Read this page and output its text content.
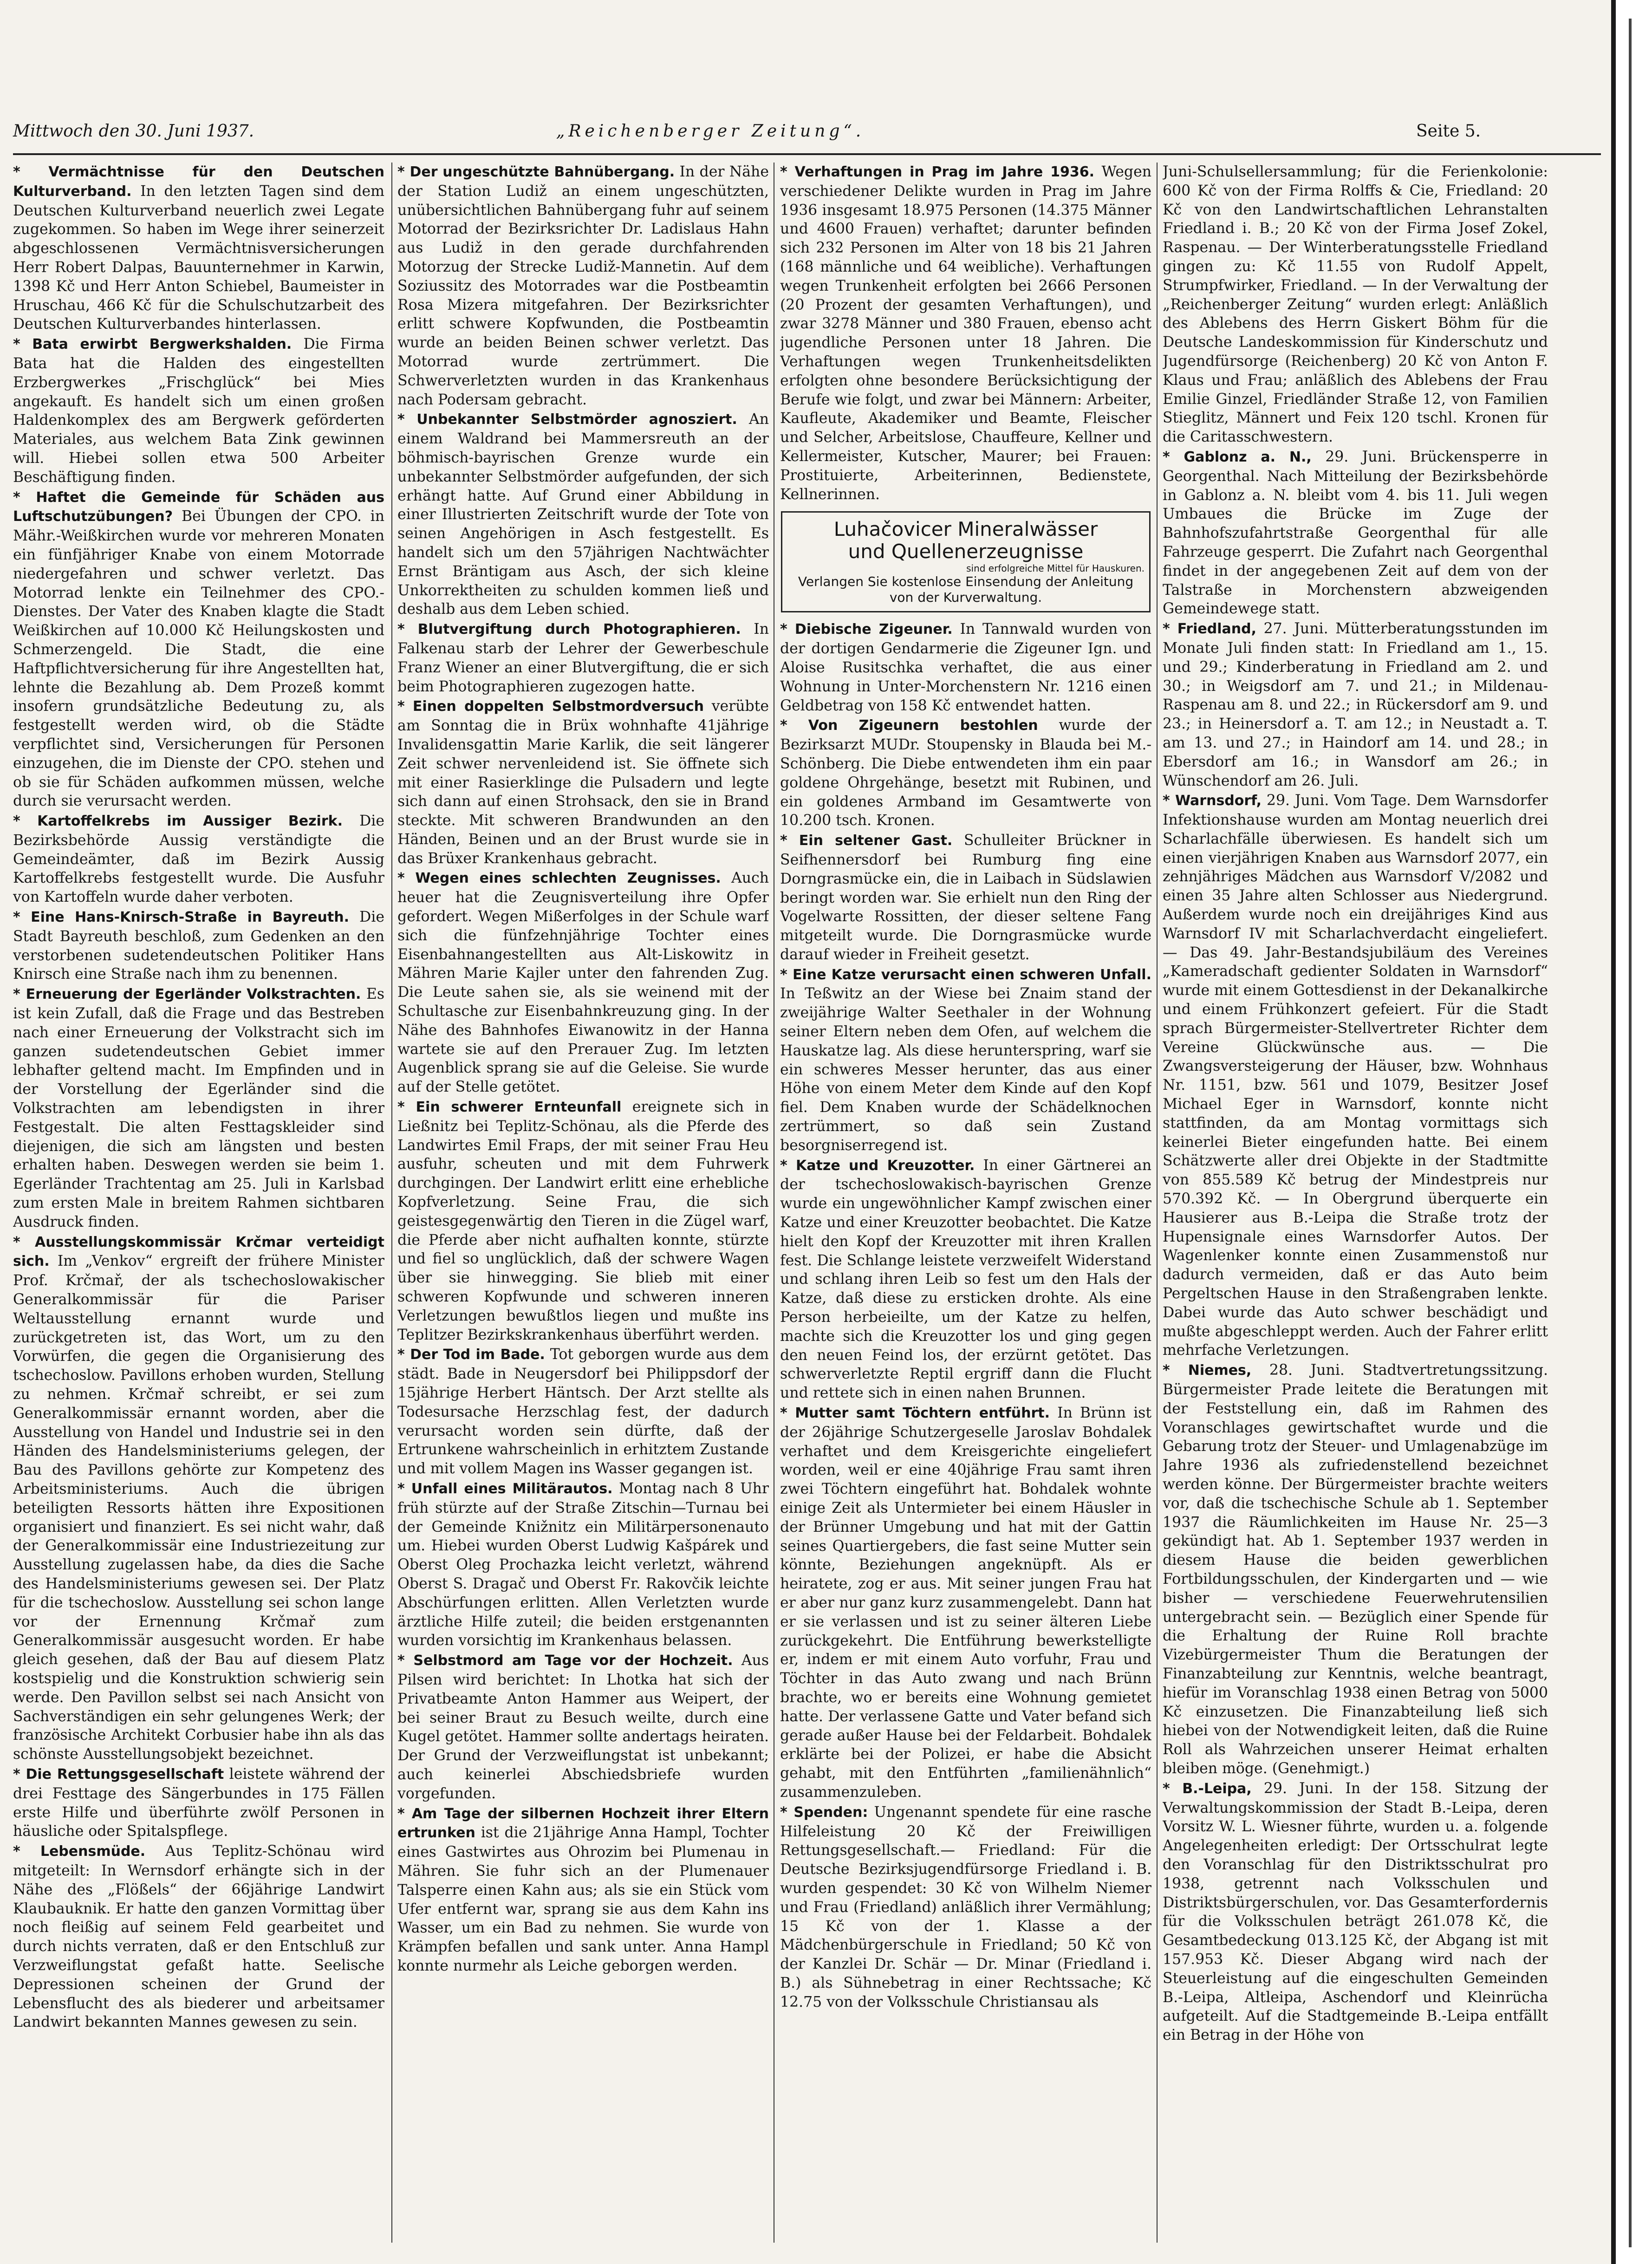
Mittwoch den 30. Juni 1937.	„Reichenberger Zeitung“.	Seite 5.

* Vermächtnisse für den Deutschen Kulturverband. In den letzten Tagen sind dem Deutschen Kulturverband neuerlich zwei Legate zugekommen. So haben im Wege ihrer seinerzeit abgeschlossenen Vermächtnisversicherungen Herr Robert Dalpas, Bauunternehmer in Karwin, 1398 Kč und Herr Anton Schiebel, Baumeister in Hruschau, 466 Kč für die Schulschutzarbeit des Deutschen Kulturverbandes hinterlassen.

* Bata erwirbt Bergwerkshalden. Die Firma Bata hat die Halden des eingestellten Erzbergwerkes „Frischglück“ bei Mies angekauft. Es handelt sich um einen großen Haldenkomplex des am Bergwerk geförderten Materiales, aus welchem Bata Zink gewinnen will. Hiebei sollen etwa 500 Arbeiter Beschäftigung finden.

* Haftet die Gemeinde für Schäden aus Luftschutzübungen? Bei Übungen der CPO. in Mähr.-Weißkirchen wurde vor mehreren Monaten ein fünfjähriger Knabe von einem Motorrade niedergefahren und schwer verletzt. Das Motorrad lenkte ein Teilnehmer des CPO.-Dienstes. Der Vater des Knaben klagte die Stadt Weißkirchen auf 10.000 Kč Heilungskosten und Schmerzengeld. Die Stadt, die eine Haftpflichtversicherung für ihre Angestellten hat, lehnte die Bezahlung ab. Dem Prozeß kommt insofern grundsätzliche Bedeutung zu, als festgestellt werden wird, ob die Städte verpflichtet sind, Versicherungen für Personen einzugehen, die im Dienste der CPO. stehen und ob sie für Schäden aufkommen müssen, welche durch sie verursacht werden.

* Kartoffelkrebs im Aussiger Bezirk. Die Bezirksbehörde Aussig verständigte die Gemeindeämter, daß im Bezirk Aussig Kartoffelkrebs festgestellt wurde. Die Ausfuhr von Kartoffeln wurde daher verboten.

* Eine Hans-Knirsch-Straße in Bayreuth. Die Stadt Bayreuth beschloß, zum Gedenken an den verstorbenen sudetendeutschen Politiker Hans Knirsch eine Straße nach ihm zu benennen.

* Erneuerung der Egerländer Volkstrachten. Es ist kein Zufall, daß die Frage und das Bestreben nach einer Erneuerung der Volkstracht sich im ganzen sudetendeutschen Gebiet immer lebhafter geltend macht. Im Empfinden und in der Vorstellung der Egerländer sind die Volkstrachten am lebendigsten in ihrer Festgestalt. Die alten Festtagskleider sind diejenigen, die sich am längsten und besten erhalten haben. Deswegen werden sie beim 1. Egerländer Trachtentag am 25. Juli in Karlsbad zum ersten Male in breitem Rahmen sichtbaren Ausdruck finden.

* Ausstellungskommissär Krčmar verteidigt sich. Im „Venkov“ ergreift der frühere Minister Prof. Krčmař, der als tschechoslowakischer Generalkommissär für die Pariser Weltausstellung ernannt wurde und zurückgetreten ist, das Wort, um zu den Vorwürfen, die gegen die Organisierung des tschechoslow. Pavillons erhoben wurden, Stellung zu nehmen. Krčmař schreibt, er sei zum Generalkommissär ernannt worden, aber die Ausstellung von Handel und Industrie sei in den Händen des Handelsministeriums gelegen, der Bau des Pavillons gehörte zur Kompetenz des Arbeitsministeriums. Auch die übrigen beteiligten Ressorts hätten ihre Expositionen organisiert und finanziert. Es sei nicht wahr, daß der Generalkommissär eine Industriezeitung zur Ausstellung zugelassen habe, da dies die Sache des Handelsministeriums gewesen sei. Der Platz für die tschechoslow. Ausstellung sei schon lange vor der Ernennung Krčmař zum Generalkommissär ausgesucht worden. Er habe gleich gesehen, daß der Bau auf diesem Platz kostspielig und die Konstruktion schwierig sein werde. Den Pavillon selbst sei nach Ansicht von Sachverständigen ein sehr gelungenes Werk; der französische Architekt Corbusier habe ihn als das schönste Ausstellungsobjekt bezeichnet.

* Die Rettungsgesellschaft leistete während der drei Festtage des Sängerbundes in 175 Fällen erste Hilfe und überführte zwölf Personen in häusliche oder Spitalspflege.

* Lebensmüde. Aus Teplitz-Schönau wird mitgeteilt: In Wernsdorf erhängte sich in der Nähe des „Flößels“ der 66jährige Landwirt Klaubauknik. Er hatte den ganzen Vormittag über noch fleißig auf seinem Feld gearbeitet und durch nichts verraten, daß er den Entschluß zur Verzweiflungstat gefaßt hatte. Seelische Depressionen scheinen der Grund der Lebensflucht des als biederer und arbeitsamer Landwirt bekannten Mannes gewesen zu sein.

* Der ungeschützte Bahnübergang. In der Nähe der Station Ludiž an einem ungeschützten, unübersichtlichen Bahnübergang fuhr auf seinem Motorrad der Bezirksrichter Dr. Ladislaus Hahn aus Ludiž in den gerade durchfahrenden Motorzug der Strecke Ludiž-Mannetin. Auf dem Soziussitz des Motorrades war die Postbeamtin Rosa Mizera mitgefahren. Der Bezirksrichter erlitt schwere Kopfwunden, die Postbeamtin wurde an beiden Beinen schwer verletzt. Das Motorrad wurde zertrümmert. Die Schwerverletzten wurden in das Krankenhaus nach Podersam gebracht.

* Unbekannter Selbstmörder agnosziert. An einem Waldrand bei Mammersreuth an der böhmisch-bayrischen Grenze wurde ein unbekannter Selbstmörder aufgefunden, der sich erhängt hatte. Auf Grund einer Abbildung in einer Illustrierten Zeitschrift wurde der Tote von seinen Angehörigen in Asch festgestellt. Es handelt sich um den 57jährigen Nachtwächter Ernst Bräntigam aus Asch, der sich kleine Unkorrektheiten zu schulden kommen ließ und deshalb aus dem Leben schied.

* Blutvergiftung durch Photographieren. In Falkenau starb der Lehrer der Gewerbeschule Franz Wiener an einer Blutvergiftung, die er sich beim Photographieren zugezogen hatte.

* Einen doppelten Selbstmordversuch verübte am Sonntag die in Brüx wohnhafte 41jährige Invalidensgattin Marie Karlik, die seit längerer Zeit schwer nervenleidend ist. Sie öffnete sich mit einer Rasierklinge die Pulsadern und legte sich dann auf einen Strohsack, den sie in Brand steckte. Mit schweren Brandwunden an den Händen, Beinen und an der Brust wurde sie in das Brüxer Krankenhaus gebracht.

* Wegen eines schlechten Zeugnisses. Auch heuer hat die Zeugnisverteilung ihre Opfer gefordert. Wegen Mißerfolges in der Schule warf sich die fünfzehnjährige Tochter eines Eisenbahnangestellten aus Alt-Liskowitz in Mähren Marie Kajler unter den fahrenden Zug. Die Leute sahen sie, als sie weinend mit der Schultasche zur Eisenbahnkreuzung ging. In der Nähe des Bahnhofes Eiwanowitz in der Hanna wartete sie auf den Prerauer Zug. Im letzten Augenblick sprang sie auf die Geleise. Sie wurde auf der Stelle getötet.

* Ein schwerer Ernteunfall ereignete sich in Ließnitz bei Teplitz-Schönau, als die Pferde des Landwirtes Emil Fraps, der mit seiner Frau Heu ausfuhr, scheuten und mit dem Fuhrwerk durchgingen. Der Landwirt erlitt eine erhebliche Kopfverletzung. Seine Frau, die sich geistesgegenwärtig den Tieren in die Zügel warf, die Pferde aber nicht aufhalten konnte, stürzte und fiel so unglücklich, daß der schwere Wagen über sie hinwegging. Sie blieb mit einer schweren Kopfwunde und schweren inneren Verletzungen bewußtlos liegen und mußte ins Teplitzer Bezirkskrankenhaus überführt werden.

* Der Tod im Bade. Tot geborgen wurde aus dem städt. Bade in Neugersdorf bei Philippsdorf der 15jährige Herbert Häntsch. Der Arzt stellte als Todesursache Herzschlag fest, der dadurch verursacht worden sein dürfte, daß der Ertrunkene wahrscheinlich in erhitztem Zustande und mit vollem Magen ins Wasser gegangen ist.

* Unfall eines Militärautos. Montag nach 8 Uhr früh stürzte auf der Straße Zitschin—Turnau bei der Gemeinde Knižnitz ein Militärpersonenauto um. Hiebei wurden Oberst Ludwig Kašpárek und Oberst Oleg Prochazka leicht verletzt, während Oberst S. Dragač und Oberst Fr. Rakovčik leichte Abschürfungen erlitten. Allen Verletzten wurde ärztliche Hilfe zuteil; die beiden erstgenannten wurden vorsichtig im Krankenhaus belassen.

* Selbstmord am Tage vor der Hochzeit. Aus Pilsen wird berichtet: In Lhotka hat sich der Privatbeamte Anton Hammer aus Weipert, der bei seiner Braut zu Besuch weilte, durch eine Kugel getötet. Hammer sollte andertags heiraten. Der Grund der Verzweiflungstat ist unbekannt; auch keinerlei Abschiedsbriefe wurden vorgefunden.

* Am Tage der silbernen Hochzeit ihrer Eltern ertrunken ist die 21jährige Anna Hampl, Tochter eines Gastwirtes aus Ohrozim bei Plumenau in Mähren. Sie fuhr sich an der Plumenauer Talsperre einen Kahn aus; als sie ein Stück vom Ufer entfernt war, sprang sie aus dem Kahn ins Wasser, um ein Bad zu nehmen. Sie wurde von Krämpfen befallen und sank unter. Anna Hampl konnte nurmehr als Leiche geborgen werden.

* Verhaftungen in Prag im Jahre 1936. Wegen verschiedener Delikte wurden in Prag im Jahre 1936 insgesamt 18.975 Personen (14.375 Männer und 4600 Frauen) verhaftet; darunter befinden sich 232 Personen im Alter von 18 bis 21 Jahren (168 männliche und 64 weibliche). Verhaftungen wegen Trunkenheit erfolgten bei 2666 Personen (20 Prozent der gesamten Verhaftungen), und zwar 3278 Männer und 380 Frauen, ebenso acht jugendliche Personen unter 18 Jahren. Die Verhaftungen wegen Trunkenheitsdelikten erfolgten ohne besondere Berücksichtigung der Berufe wie folgt, und zwar bei Männern: Arbeiter, Kaufleute, Akademiker und Beamte, Fleischer und Selcher, Arbeitslose, Chauffeure, Kellner und Kellermeister, Kutscher, Maurer; bei Frauen: Prostituierte, Arbeiterinnen, Bedienstete, Kellnerinnen.

Luhačovicer Mineralwässer
und Quellenerzeugnisse
sind erfolgreiche Mittel für Hauskuren.
Verlangen Sie kostenlose Einsendung der Anleitung von der Kurverwaltung.

* Diebische Zigeuner. In Tannwald wurden von der dortigen Gendarmerie die Zigeuner Ign. und Aloise Rusitschka verhaftet, die aus einer Wohnung in Unter-Morchenstern Nr. 1216 einen Geldbetrag von 158 Kč entwendet hatten.

* Von Zigeunern bestohlen wurde der Bezirksarzt MUDr. Stoupensky in Blauda bei M.-Schönberg. Die Diebe entwendeten ihm ein paar goldene Ohrgehänge, besetzt mit Rubinen, und ein goldenes Armband im Gesamtwerte von 10.200 tsch. Kronen.

* Ein seltener Gast. Schulleiter Brückner in Seifhennersdorf bei Rumburg fing eine Dorngrasmücke ein, die in Laibach in Südslawien beringt worden war. Sie erhielt nun den Ring der Vogelwarte Rossitten, der dieser seltene Fang mitgeteilt wurde. Die Dorngrasmücke wurde darauf wieder in Freiheit gesetzt.

* Eine Katze verursacht einen schweren Unfall. In Teßwitz an der Wiese bei Znaim stand der zweijährige Walter Seethaler in der Wohnung seiner Eltern neben dem Ofen, auf welchem die Hauskatze lag. Als diese herunterspring, warf sie ein schweres Messer herunter, das aus einer Höhe von einem Meter dem Kinde auf den Kopf fiel. Dem Knaben wurde der Schädelknochen zertrümmert, so daß sein Zustand besorgniserregend ist.

* Katze und Kreuzotter. In einer Gärtnerei an der tschechoslowakisch-bayrischen Grenze wurde ein ungewöhnlicher Kampf zwischen einer Katze und einer Kreuzotter beobachtet. Die Katze hielt den Kopf der Kreuzotter mit ihren Krallen fest. Die Schlange leistete verzweifelt Widerstand und schlang ihren Leib so fest um den Hals der Katze, daß diese zu ersticken drohte. Als eine Person herbeieilte, um der Katze zu helfen, machte sich die Kreuzotter los und ging gegen den neuen Feind los, der erzürnt getötet. Das schwerverletzte Reptil ergriff dann die Flucht und rettete sich in einen nahen Brunnen.

* Mutter samt Töchtern entführt. In Brünn ist der 26jährige Schutzergeselle Jaroslav Bohdalek verhaftet und dem Kreisgerichte eingeliefert worden, weil er eine 40jährige Frau samt ihren zwei Töchtern eingeführt hat. Bohdalek wohnte einige Zeit als Untermieter bei einem Häusler in der Brünner Umgebung und hat mit der Gattin seines Quartiergebers, die fast seine Mutter sein könnte, Beziehungen angeknüpft. Als er heiratete, zog er aus. Mit seiner jungen Frau hat er aber nur ganz kurz zusammengelebt. Dann hat er sie verlassen und ist zu seiner älteren Liebe zurückgekehrt. Die Entführung bewerkstelligte er, indem er mit einem Auto vorfuhr, Frau und Töchter in das Auto zwang und nach Brünn brachte, wo er bereits eine Wohnung gemietet hatte. Der verlassene Gatte und Vater befand sich gerade außer Hause bei der Feldarbeit. Bohdalek erklärte bei der Polizei, er habe die Absicht gehabt, mit den Entführten „familienähnlich“ zusammenzuleben.

* Spenden: Ungenannt spendete für eine rasche Hilfeleistung 20 Kč der Freiwilligen Rettungsgesellschaft.— Friedland: Für die Deutsche Bezirksjugendfürsorge Friedland i. B. wurden gespendet: 30 Kč von Wilhelm Niemer und Frau (Friedland) anläßlich ihrer Vermählung; 15 Kč von der 1. Klasse a der Mädchenbürgerschule in Friedland; 50 Kč von der Kanzlei Dr. Schär — Dr. Minar (Friedland i. B.) als Sühnebetrag in einer Rechtssache; Kč 12.75 von der Volksschule Christiansau als

Juni-Schulsellersammlung; für die Ferienkolonie: 600 Kč von der Firma Rolffs & Cie, Friedland: 20 Kč von den Landwirtschaftlichen Lehranstalten Friedland i. B.; 20 Kč von der Firma Josef Zokel, Raspenau. — Der Winterberatungsstelle Friedland gingen zu: Kč 11.55 von Rudolf Appelt, Strumpfwirker, Friedland. — In der Verwaltung der „Reichenberger Zeitung“ wurden erlegt: Anläßlich des Ablebens des Herrn Giskert Böhm für die Deutsche Landeskommission für Kinderschutz und Jugendfürsorge (Reichenberg) 20 Kč von Anton F. Klaus und Frau; anläßlich des Ablebens der Frau Emilie Ginzel, Friedländer Straße 12, von Familien Stieglitz, Männert und Feix 120 tschl. Kronen für die Caritasschwestern.

* Gablonz a. N., 29. Juni. Brückensperre in Georgenthal. Nach Mitteilung der Bezirksbehörde in Gablonz a. N. bleibt vom 4. bis 11. Juli wegen Umbaues die Brücke im Zuge der Bahnhofszufahrtstraße Georgenthal für alle Fahrzeuge gesperrt. Die Zufahrt nach Georgenthal findet in der angegebenen Zeit auf dem von der Talstraße in Morchenstern abzweigenden Gemeindewege statt.

* Friedland, 27. Juni. Mütterberatungsstunden im Monate Juli finden statt: In Friedland am 1., 15. und 29.; Kinderberatung in Friedland am 2. und 30.; in Weigsdorf am 7. und 21.; in Mildenau-Raspenau am 8. und 22.; in Rückersdorf am 9. und 23.; in Heinersdorf a. T. am 12.; in Neustadt a. T. am 13. und 27.; in Haindorf am 14. und 28.; in Ebersdorf am 16.; in Wansdorf am 26.; in Wünschendorf am 26. Juli.

* Warnsdorf, 29. Juni. Vom Tage. Dem Warnsdorfer Infektionshause wurden am Montag neuerlich drei Scharlachfälle überwiesen. Es handelt sich um einen vierjährigen Knaben aus Warnsdorf 2077, ein zehnjähriges Mädchen aus Warnsdorf V/2082 und einen 35 Jahre alten Schlosser aus Niedergrund. Außerdem wurde noch ein dreijähriges Kind aus Warnsdorf IV mit Scharlachverdacht eingeliefert. — Das 49. Jahr-Bestandsjubiläum des Vereines „Kameradschaft gedienter Soldaten in Warnsdorf“ wurde mit einem Gottesdienst in der Dekanalkirche und einem Frühkonzert gefeiert. Für die Stadt sprach Bürgermeister-Stellvertreter Richter dem Vereine Glückwünsche aus. — Die Zwangsversteigerung der Häuser, bzw. Wohnhaus Nr. 1151, bzw. 561 und 1079, Besitzer Josef Michael Eger in Warnsdorf, konnte nicht stattfinden, da am Montag vormittags sich keinerlei Bieter eingefunden hatte. Bei einem Schätzwerte aller drei Objekte in der Stadtmitte von 855.589 Kč betrug der Mindestpreis nur 570.392 Kč. — In Obergrund überquerte ein Hausierer aus B.-Leipa die Straße trotz der Hupensignale eines Warnsdorfer Autos. Der Wagenlenker konnte einen Zusammenstoß nur dadurch vermeiden, daß er das Auto beim Pergeltschen Hause in den Straßengraben lenkte. Dabei wurde das Auto schwer beschädigt und mußte abgeschleppt werden. Auch der Fahrer erlitt mehrfache Verletzungen.

* Niemes, 28. Juni. Stadtvertretungssitzung. Bürgermeister Prade leitete die Beratungen mit der Feststellung ein, daß im Rahmen des Voranschlages gewirtschaftet wurde und die Gebarung trotz der Steuer- und Umlagenabzüge im Jahre 1936 als zufriedenstellend bezeichnet werden könne. Der Bürgermeister brachte weiters vor, daß die tschechische Schule ab 1. September 1937 die Räumlichkeiten im Hause Nr. 25—3 gekündigt hat. Ab 1. September 1937 werden in diesem Hause die beiden gewerblichen Fortbildungsschulen, der Kindergarten und — wie bisher — verschiedene Feuerwehrutensilien untergebracht sein. — Bezüglich einer Spende für die Erhaltung der Ruine Roll brachte Vizebürgermeister Thum die Beratungen der Finanzabteilung zur Kenntnis, welche beantragt, hiefür im Voranschlag 1938 einen Betrag von 5000 Kč einzusetzen. Die Finanzabteilung ließ sich hiebei von der Notwendigkeit leiten, daß die Ruine Roll als Wahrzeichen unserer Heimat erhalten bleiben möge. (Genehmigt.)

* B.-Leipa, 29. Juni. In der 158. Sitzung der Verwaltungskommission der Stadt B.-Leipa, deren Vorsitz W. L. Wiesner führte, wurden u. a. folgende Angelegenheiten erledigt: Der Ortsschulrat legte den Voranschlag für den Distriktsschulrat pro 1938, getrennt nach Volksschulen und Distriktsbürgerschulen, vor. Das Gesamterfordernis für die Volksschulen beträgt 261.078 Kč, die Gesamtbedeckung 013.125 Kč, der Abgang ist mit 157.953 Kč. Dieser Abgang wird nach der Steuerleistung auf die eingeschulten Gemeinden B.-Leipa, Altleipa, Aschendorf und Kleinrücha aufgeteilt. Auf die Stadtgemeinde B.-Leipa entfällt ein Betrag in der Höhe von
